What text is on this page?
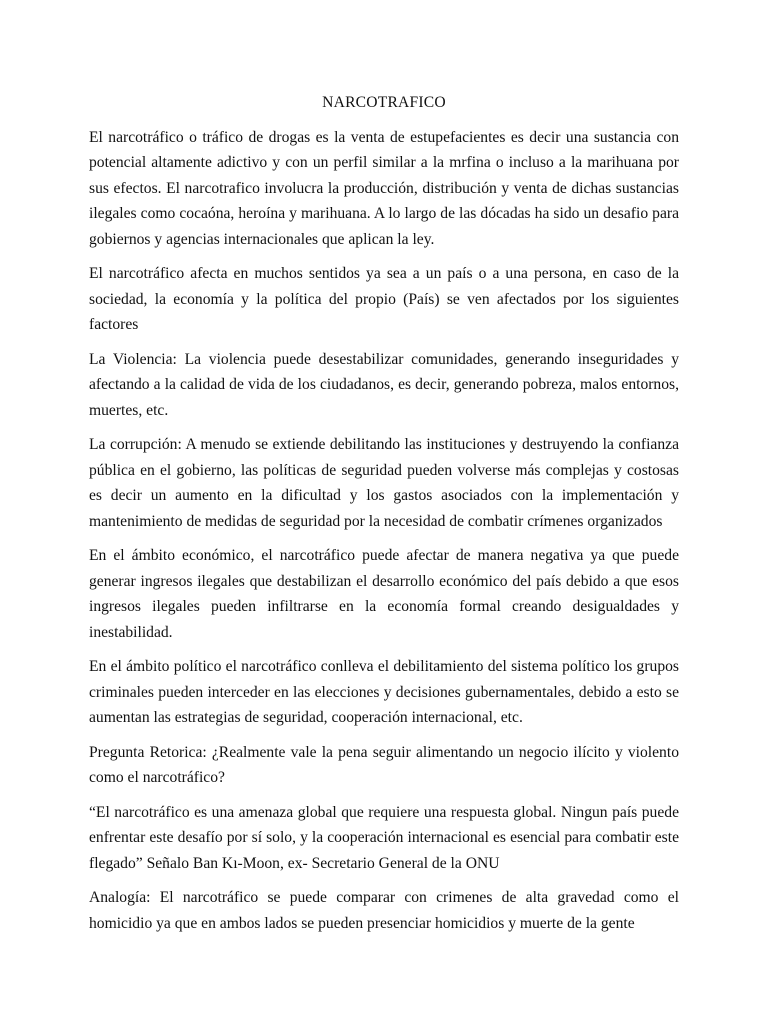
NARCOTRAFICO

El narcotráfico o tráfico de drogas es la venta de estupefacientes es decir una sustancia con potencial altamente adictivo y con un perfil similar a la mrfina o incluso a la marihuana por sus efectos. El narcotrafico involucra la producción, distribución y venta de dichas sustancias ilegales como cocaóna, heroína y marihuana. A lo largo de las dócadas ha sido un desafio para gobiernos y agencias internacionales que aplican la ley.

El narcotráfico afecta en muchos sentidos ya sea a un país o a una persona, en caso de la sociedad, la economía y la política del propio (País) se ven afectados por los siguientes factores

La Violencia: La violencia puede desestabilizar comunidades, generando inseguridades y afectando a la calidad de vida de los ciudadanos, es decir, generando pobreza, malos entornos, muertes, etc.

La corrupción: A menudo se extiende debilitando las instituciones y destruyendo la confianza pública en el gobierno, las políticas de seguridad pueden volverse más complejas y costosas es decir un aumento en la dificultad y los gastos asociados con la implementación y mantenimiento de medidas de seguridad por la necesidad de combatir crímenes organizados

En el ámbito económico, el narcotráfico puede afectar de manera negativa ya que puede generar ingresos ilegales que destabilizan el desarrollo económico del país debido a que esos ingresos ilegales pueden infiltrarse en la economía formal creando desigualdades y inestabilidad.

En el ámbito político el narcotráfico conlleva el debilitamiento del sistema político los grupos criminales pueden interceder en las elecciones y decisiones gubernamentales, debido a esto se aumentan las estrategias de seguridad, cooperación internacional, etc.

Pregunta Retorica: ¿Realmente vale la pena seguir alimentando un negocio ilícito y violento como el narcotráfico?

“El narcotráfico es una amenaza global que requiere una respuesta global. Ningun país puede enfrentar este desafío por sí solo, y la cooperación internacional es esencial para combatir este flegado” Señalo Ban Kı-Moon, ex- Secretario General de la ONU

Analogía: El narcotráfico se puede comparar con crimenes de alta gravedad como el homicidio ya que en ambos lados se pueden presenciar homicidios y muerte de la gente
